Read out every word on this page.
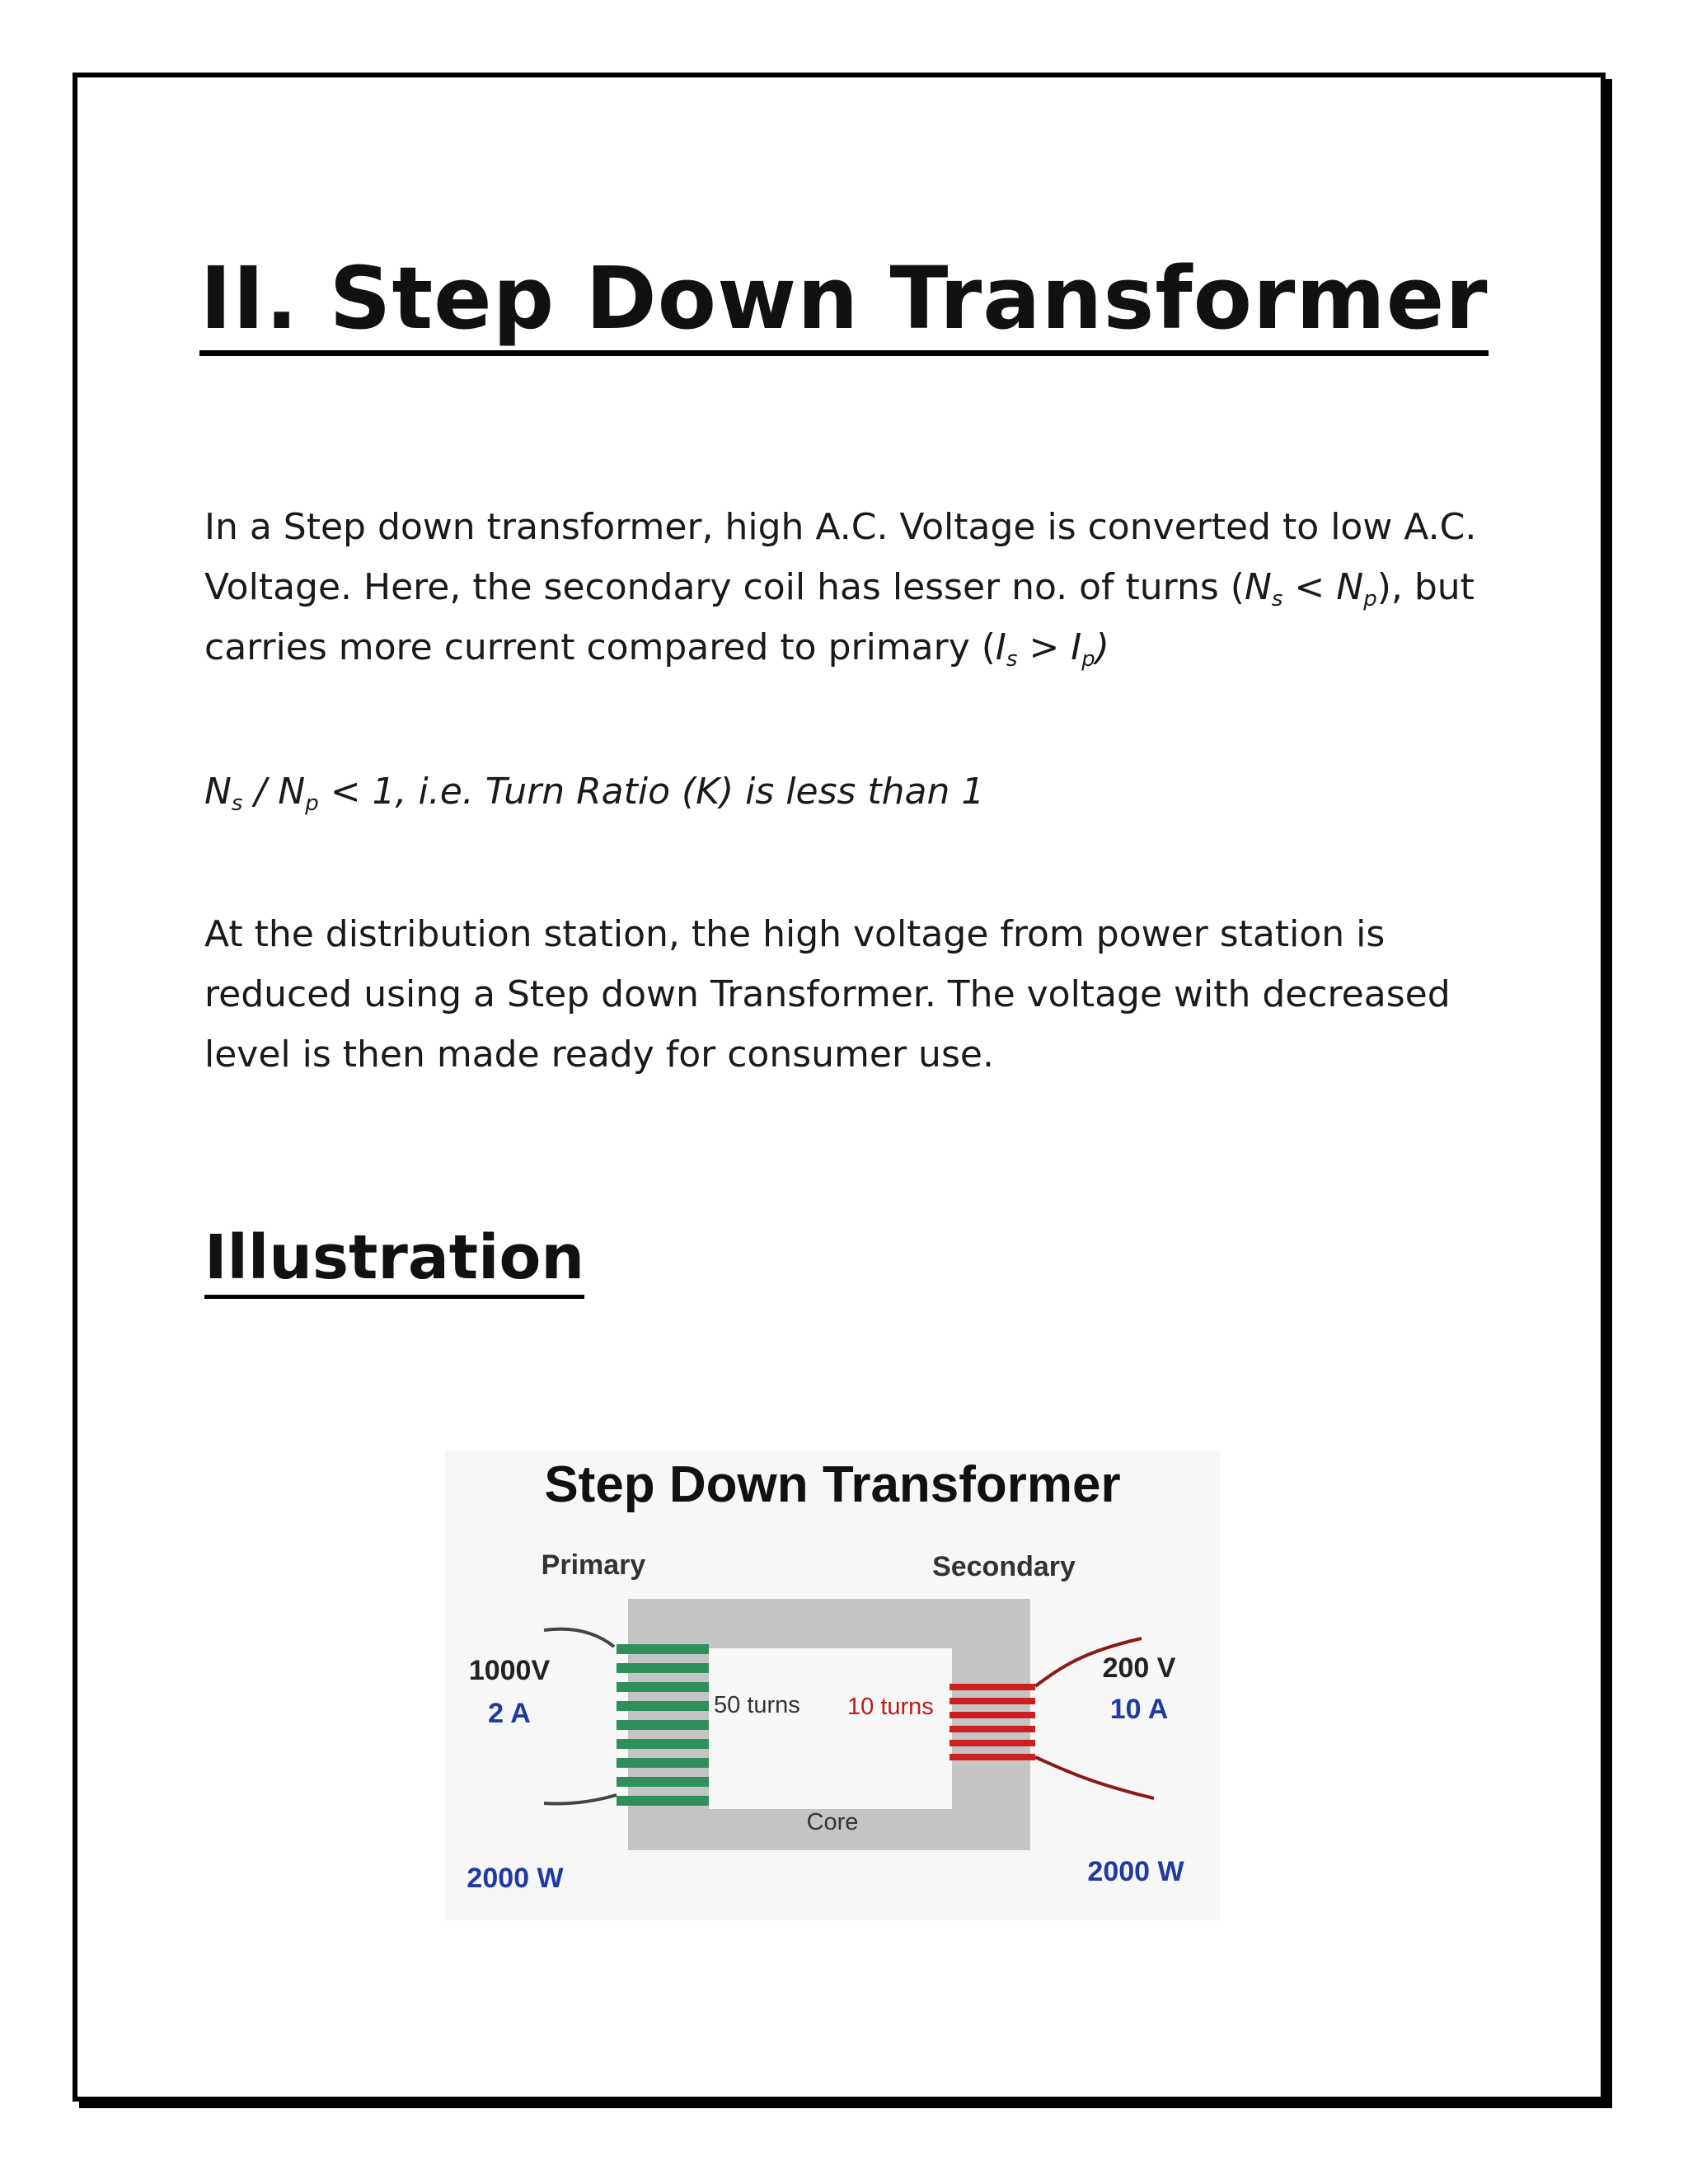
II. Step Down Transformer
In a Step down transformer, high A.C. Voltage is converted to low A.C.
Voltage. Here, the secondary coil has lesser no. of turns $(N_s < N_p)$, but
carries more current compared to primary $(I_s > I_p)$
$N_s / N_p < 1$, i.e. Turn Ratio (K) is less than 1
At the distribution station, the high voltage from power station is
reduced using a Step down Transformer. The voltage with decreased
level is then made ready for consumer use.
Illustration
Step Down Transformer
Primary	Secondary
Core
50 turns 10 turns
1000V
2 A
2000 W
200 V
10 A
2000 W
